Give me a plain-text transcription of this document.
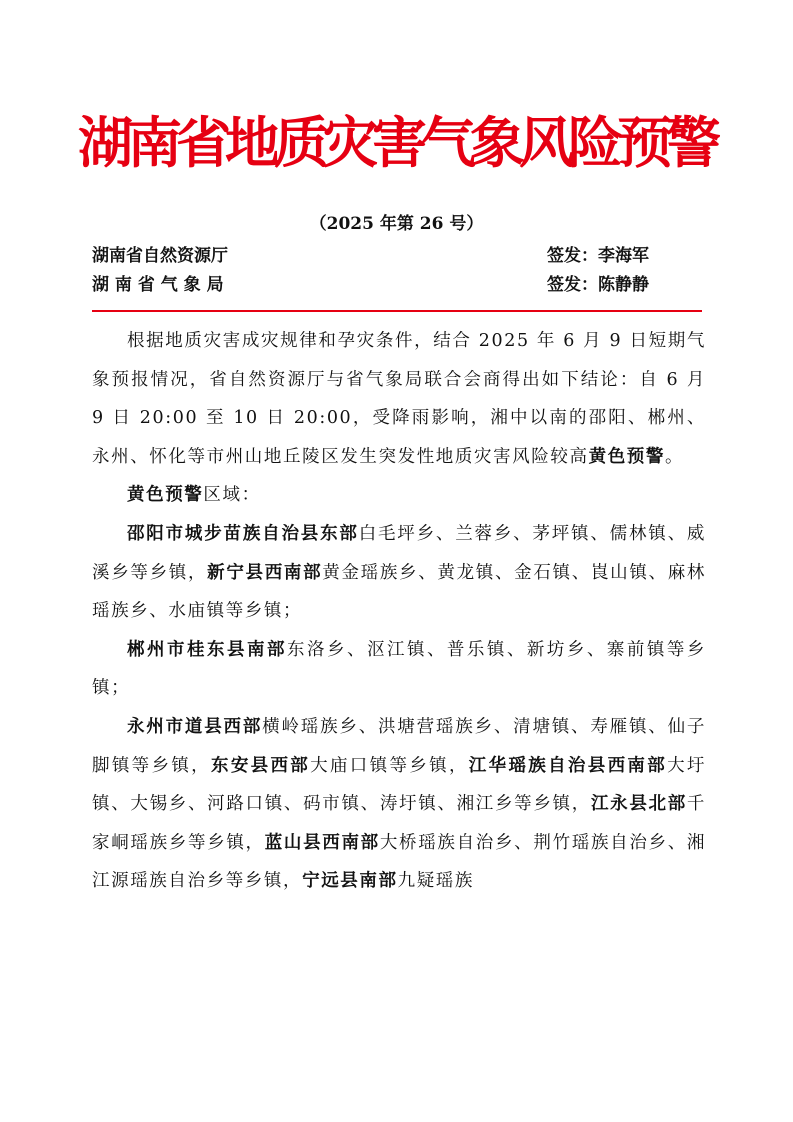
湖南省地质灾害气象风险预警
（2025 年第 26 号）
湖南省自然资源厅	签发：李海军
湖 南 省 气 象 局	签发：陈静静

根据地质灾害成灾规律和孕灾条件，结合 2025 年 6 月 9 日短期气象预报情况，省自然资源厅与省气象局联合会商得出如下结论：自 6 月 9 日 20:00 至 10 日 20:00，受降雨影响，湘中以南的邵阳、郴州、永州、怀化等市州山地丘陵区发生突发性地质灾害风险较高黄色预警。

黄色预警区域：

邵阳市城步苗族自治县东部白毛坪乡、兰蓉乡、茅坪镇、儒林镇、威溪乡等乡镇，新宁县西南部黄金瑶族乡、黄龙镇、金石镇、崀山镇、麻林瑶族乡、水庙镇等乡镇；

郴州市桂东县南部东洛乡、沤江镇、普乐镇、新坊乡、寨前镇等乡镇；

永州市道县西部横岭瑶族乡、洪塘营瑶族乡、清塘镇、寿雁镇、仙子脚镇等乡镇，东安县西部大庙口镇等乡镇，江华瑶族自治县西南部大圩镇、大锡乡、河路口镇、码市镇、涛圩镇、湘江乡等乡镇，江永县北部千家峒瑶族乡等乡镇，蓝山县西南部大桥瑶族自治乡、荆竹瑶族自治乡、湘江源瑶族自治乡等乡镇，宁远县南部九疑瑶族
